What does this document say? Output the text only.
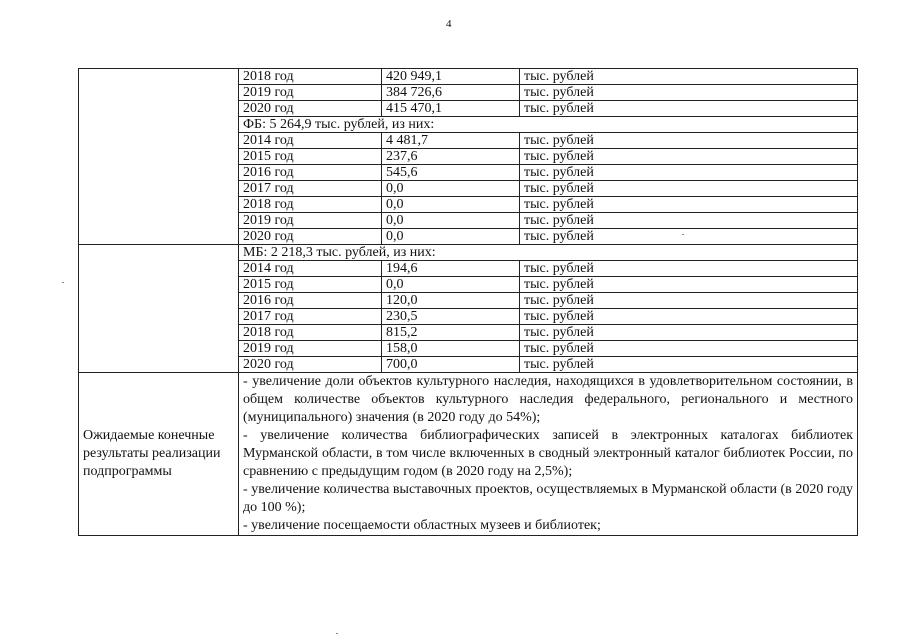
4
	2018 год	420 949,1	тыс. рублей
	2019 год	384 726,6	тыс. рублей
	2020 год	415 470,1	тыс. рублей
	ФБ: 5 264,9 тыс. рублей, из них:		
	2014 год	4 481,7	тыс. рублей
	2015 год	237,6	тыс. рублей
	2016 год	545,6	тыс. рублей
	2017 год	0,0	тыс. рублей
	2018 год	0,0	тыс. рублей
	2019 год	0,0	тыс. рублей
	2020 год	0,0	тыс. рублей
	МБ: 2 218,3 тыс. рублей, из них:		
	2014 год	194,6	тыс. рублей
	2015 год	0,0	тыс. рублей
	2016 год	120,0	тыс. рублей
	2017 год	230,5	тыс. рублей
	2018 год	815,2	тыс. рублей
	2019 год	158,0	тыс. рублей
	2020 год	700,0	тыс. рублей
Ожидаемые конечные результаты реализации подпрограммы	- увеличение доли объектов культурного наследия, находящихся в удовлетворительном состоянии, в общем количестве объектов культурного наследия федерального, регионального и местного (муниципального) значения (в 2020 году до 54%);
- увеличение количества библиографических записей в электронных каталогах библиотек Мурманской области, в том числе включенных в сводный электронный каталог библиотек России, по сравнению с предыдущим годом (в 2020 году на 2,5%);
- увеличение количества выставочных проектов, осуществляемых в Мурманской области (в 2020 году до 100 %);
- увеличение посещаемости областных музеев и библиотек;		
